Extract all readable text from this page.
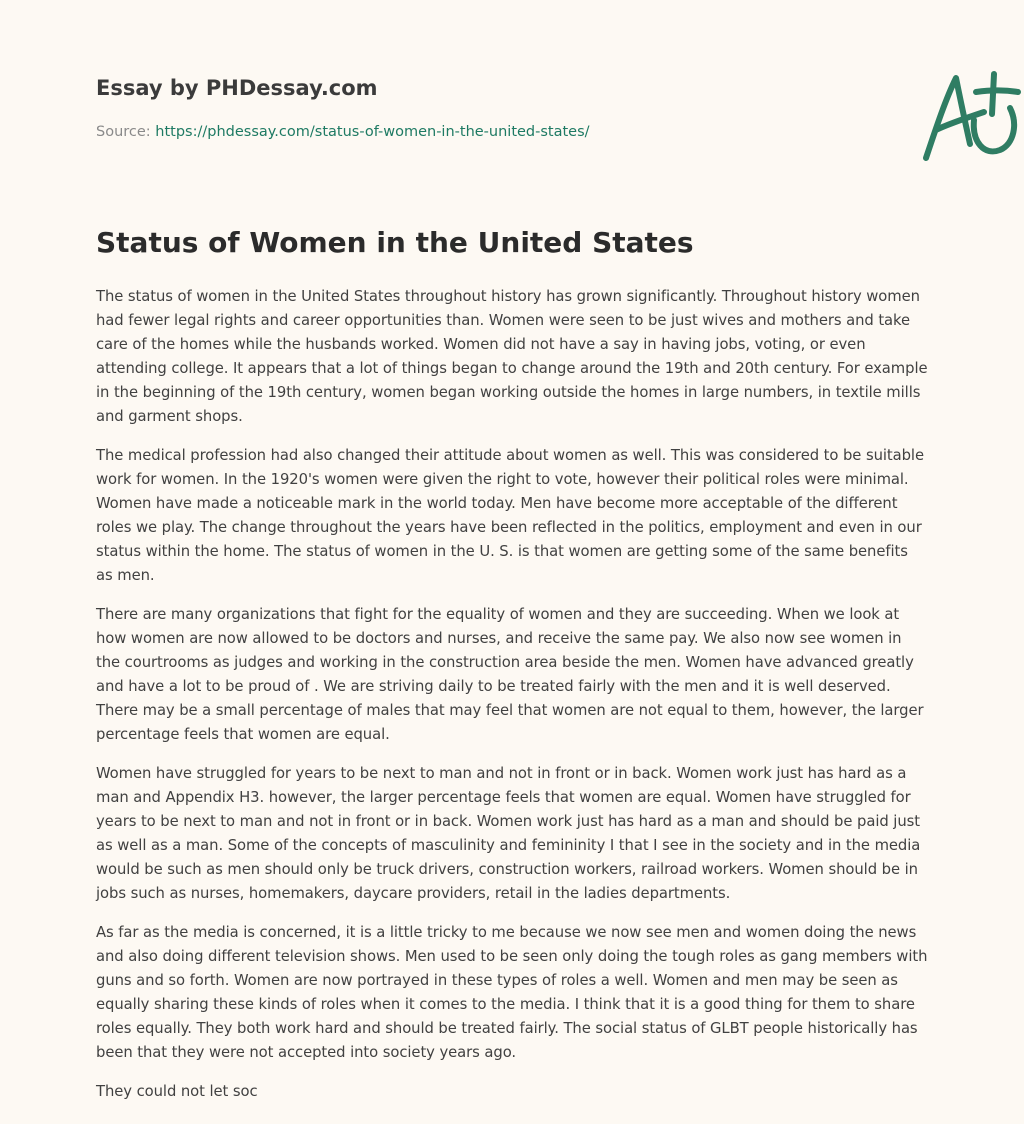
Essay by PHDessay.com
Source: https://phdessay.com/status-of-women-in-the-united-states/
Status of Women in the United States

The status of women in the United States throughout history has grown significantly. Throughout history women had fewer legal rights and career opportunities than. Women were seen to be just wives and mothers and take care of the homes while the husbands worked. Women did not have a say in having jobs, voting, or even attending college. It appears that a lot of things began to change around the 19th and 20th century. For example in the beginning of the 19th century, women began working outside the homes in large numbers, in textile mills and garment shops.

The medical profession had also changed their attitude about women as well. This was considered to be suitable work for women. In the 1920's women were given the right to vote, however their political roles were minimal. Women have made a noticeable mark in the world today. Men have become more acceptable of the different roles we play. The change throughout the years have been reflected in the politics, employment and even in our status within the home. The status of women in the U. S. is that women are getting some of the same benefits as men.

There are many organizations that fight for the equality of women and they are succeeding. When we look at how women are now allowed to be doctors and nurses, and receive the same pay. We also now see women in the courtrooms as judges and working in the construction area beside the men. Women have advanced greatly and have a lot to be proud of . We are striving daily to be treated fairly with the men and it is well deserved. There may be a small percentage of males that may feel that women are not equal to them, however, the larger percentage feels that women are equal.

Women have struggled for years to be next to man and not in front or in back. Women work just has hard as a man and Appendix H3. however, the larger percentage feels that women are equal. Women have struggled for years to be next to man and not in front or in back. Women work just has hard as a man and should be paid just as well as a man. Some of the concepts of masculinity and femininity I that I see in the society and in the media would be such as men should only be truck drivers, construction workers, railroad workers. Women should be in jobs such as nurses, homemakers, daycare providers, retail in the ladies departments.

As far as the media is concerned, it is a little tricky to me because we now see men and women doing the news and also doing different television shows. Men used to be seen only doing the tough roles as gang members with guns and so forth. Women are now portrayed in these types of roles a well. Women and men may be seen as equally sharing these kinds of roles when it comes to the media. I think that it is a good thing for them to share roles equally. They both work hard and should be treated fairly. The social status of GLBT people historically has been that they were not accepted into society years ago.

They could not let soc
